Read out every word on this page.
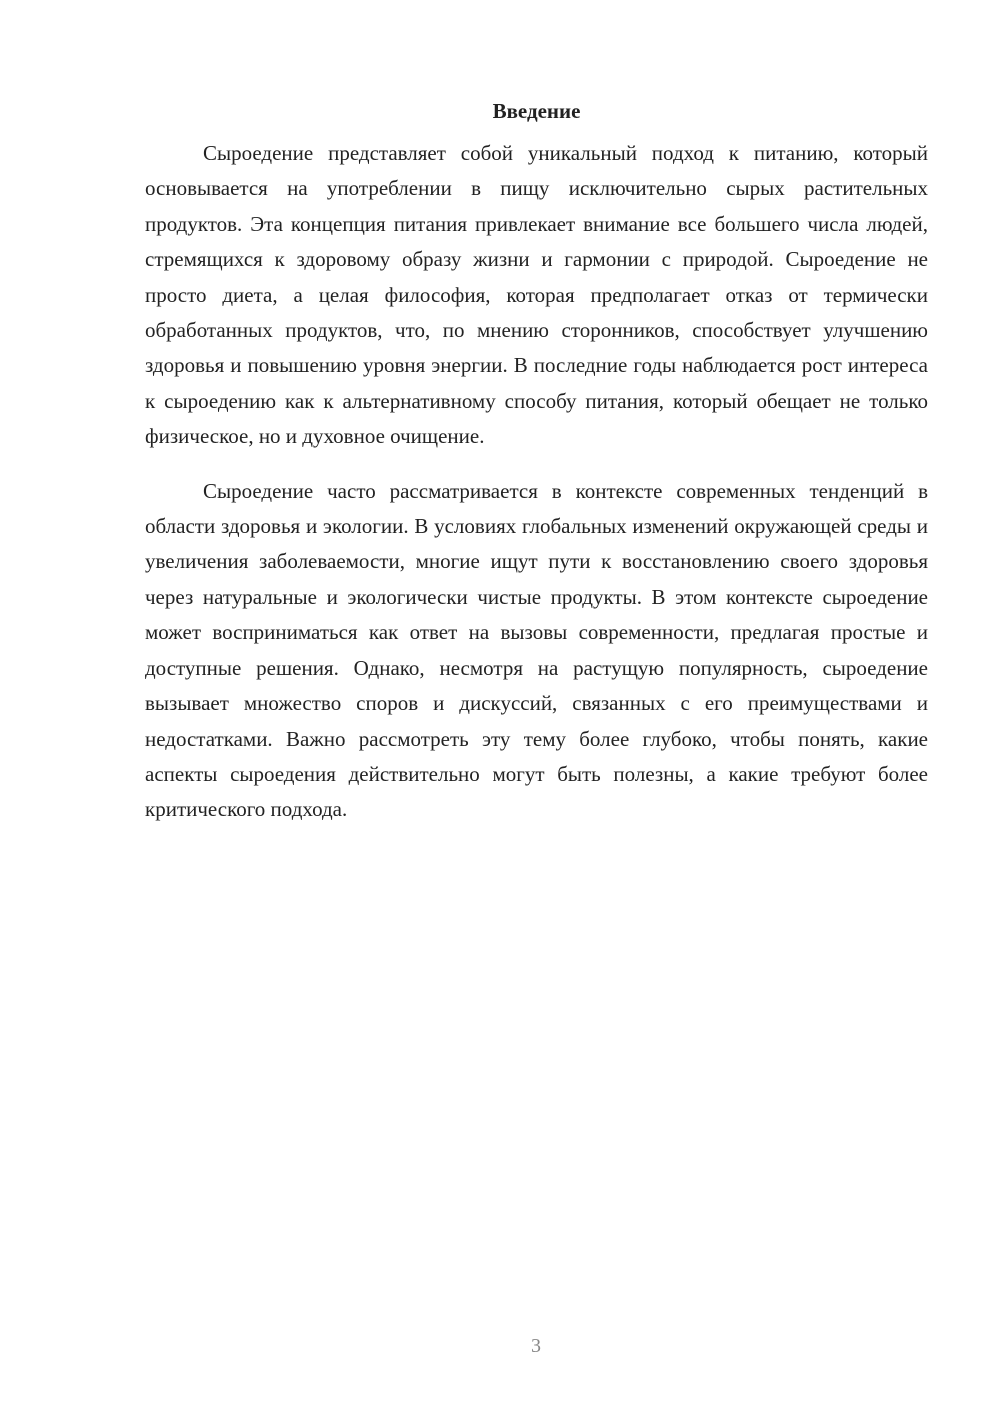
Введение

Сыроедение представляет собой уникальный подход к питанию, который основывается на употреблении в пищу исключительно сырых растительных продуктов. Эта концепция питания привлекает внимание все большего числа людей, стремящихся к здоровому образу жизни и гармонии с природой. Сыроедение не просто диета, а целая философия, которая предполагает отказ от термически обработанных продуктов, что, по мнению сторонников, способствует улучшению здоровья и повышению уровня энергии. В последние годы наблюдается рост интереса к сыроедению как к альтернативному способу питания, который обещает не только физическое, но и духовное очищение.

Сыроедение часто рассматривается в контексте современных тенденций в области здоровья и экологии. В условиях глобальных изменений окружающей среды и увеличения заболеваемости, многие ищут пути к восстановлению своего здоровья через натуральные и экологически чистые продукты. В этом контексте сыроедение может восприниматься как ответ на вызовы современности, предлагая простые и доступные решения. Однако, несмотря на растущую популярность, сыроедение вызывает множество споров и дискуссий, связанных с его преимуществами и недостатками. Важно рассмотреть эту тему более глубоко, чтобы понять, какие аспекты сыроедения действительно могут быть полезны, а какие требуют более критического подхода.

3
